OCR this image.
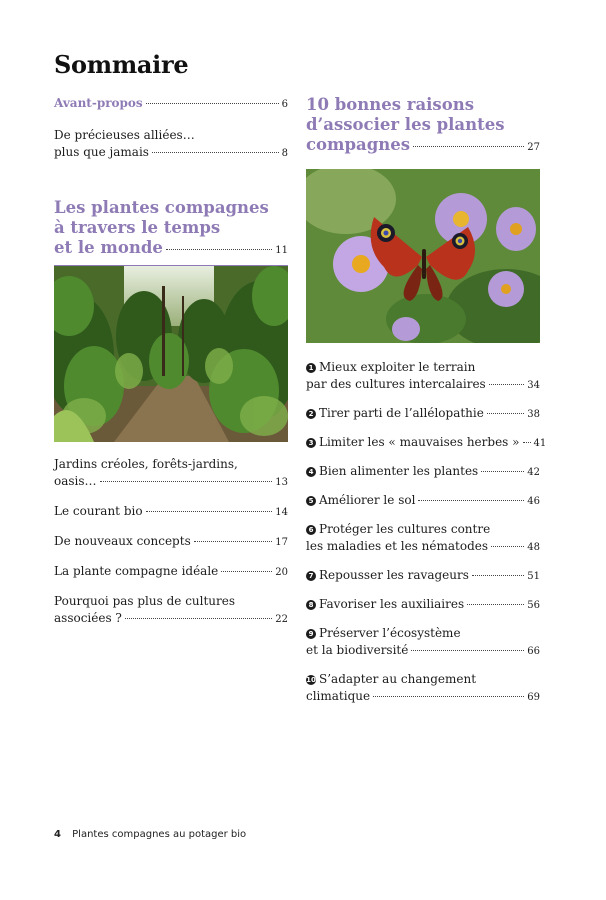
Sommaire
Avant-propos	6
De précieuses alliées…
plus que jamais	8
Les plantes compagnes
à travers le temps
et le monde	11
Jardins créoles, forêts-jardins,
oasis…	13
Le courant bio	14
De nouveaux concepts	17
La plante compagne idéale	20
Pourquoi pas plus de cultures
associées ?	22
10 bonnes raisons
d’associer les plantes
compagnes	27
1 Mieux exploiter le terrain
par des cultures intercalaires	34
2 Tirer parti de l’allélopathie	38
3 Limiter les « mauvaises herbes » 41
4 Bien alimenter les plantes	42
5 Améliorer le sol	46
6 Protéger les cultures contre
les maladies et les nématodes	48
7 Repousser les ravageurs	51
8 Favoriser les auxiliaires	56
9 Préserver l’écosystème
et la biodiversité	66
10 S’adapter au changement
climatique	69
4 Plantes compagnes au potager bio
